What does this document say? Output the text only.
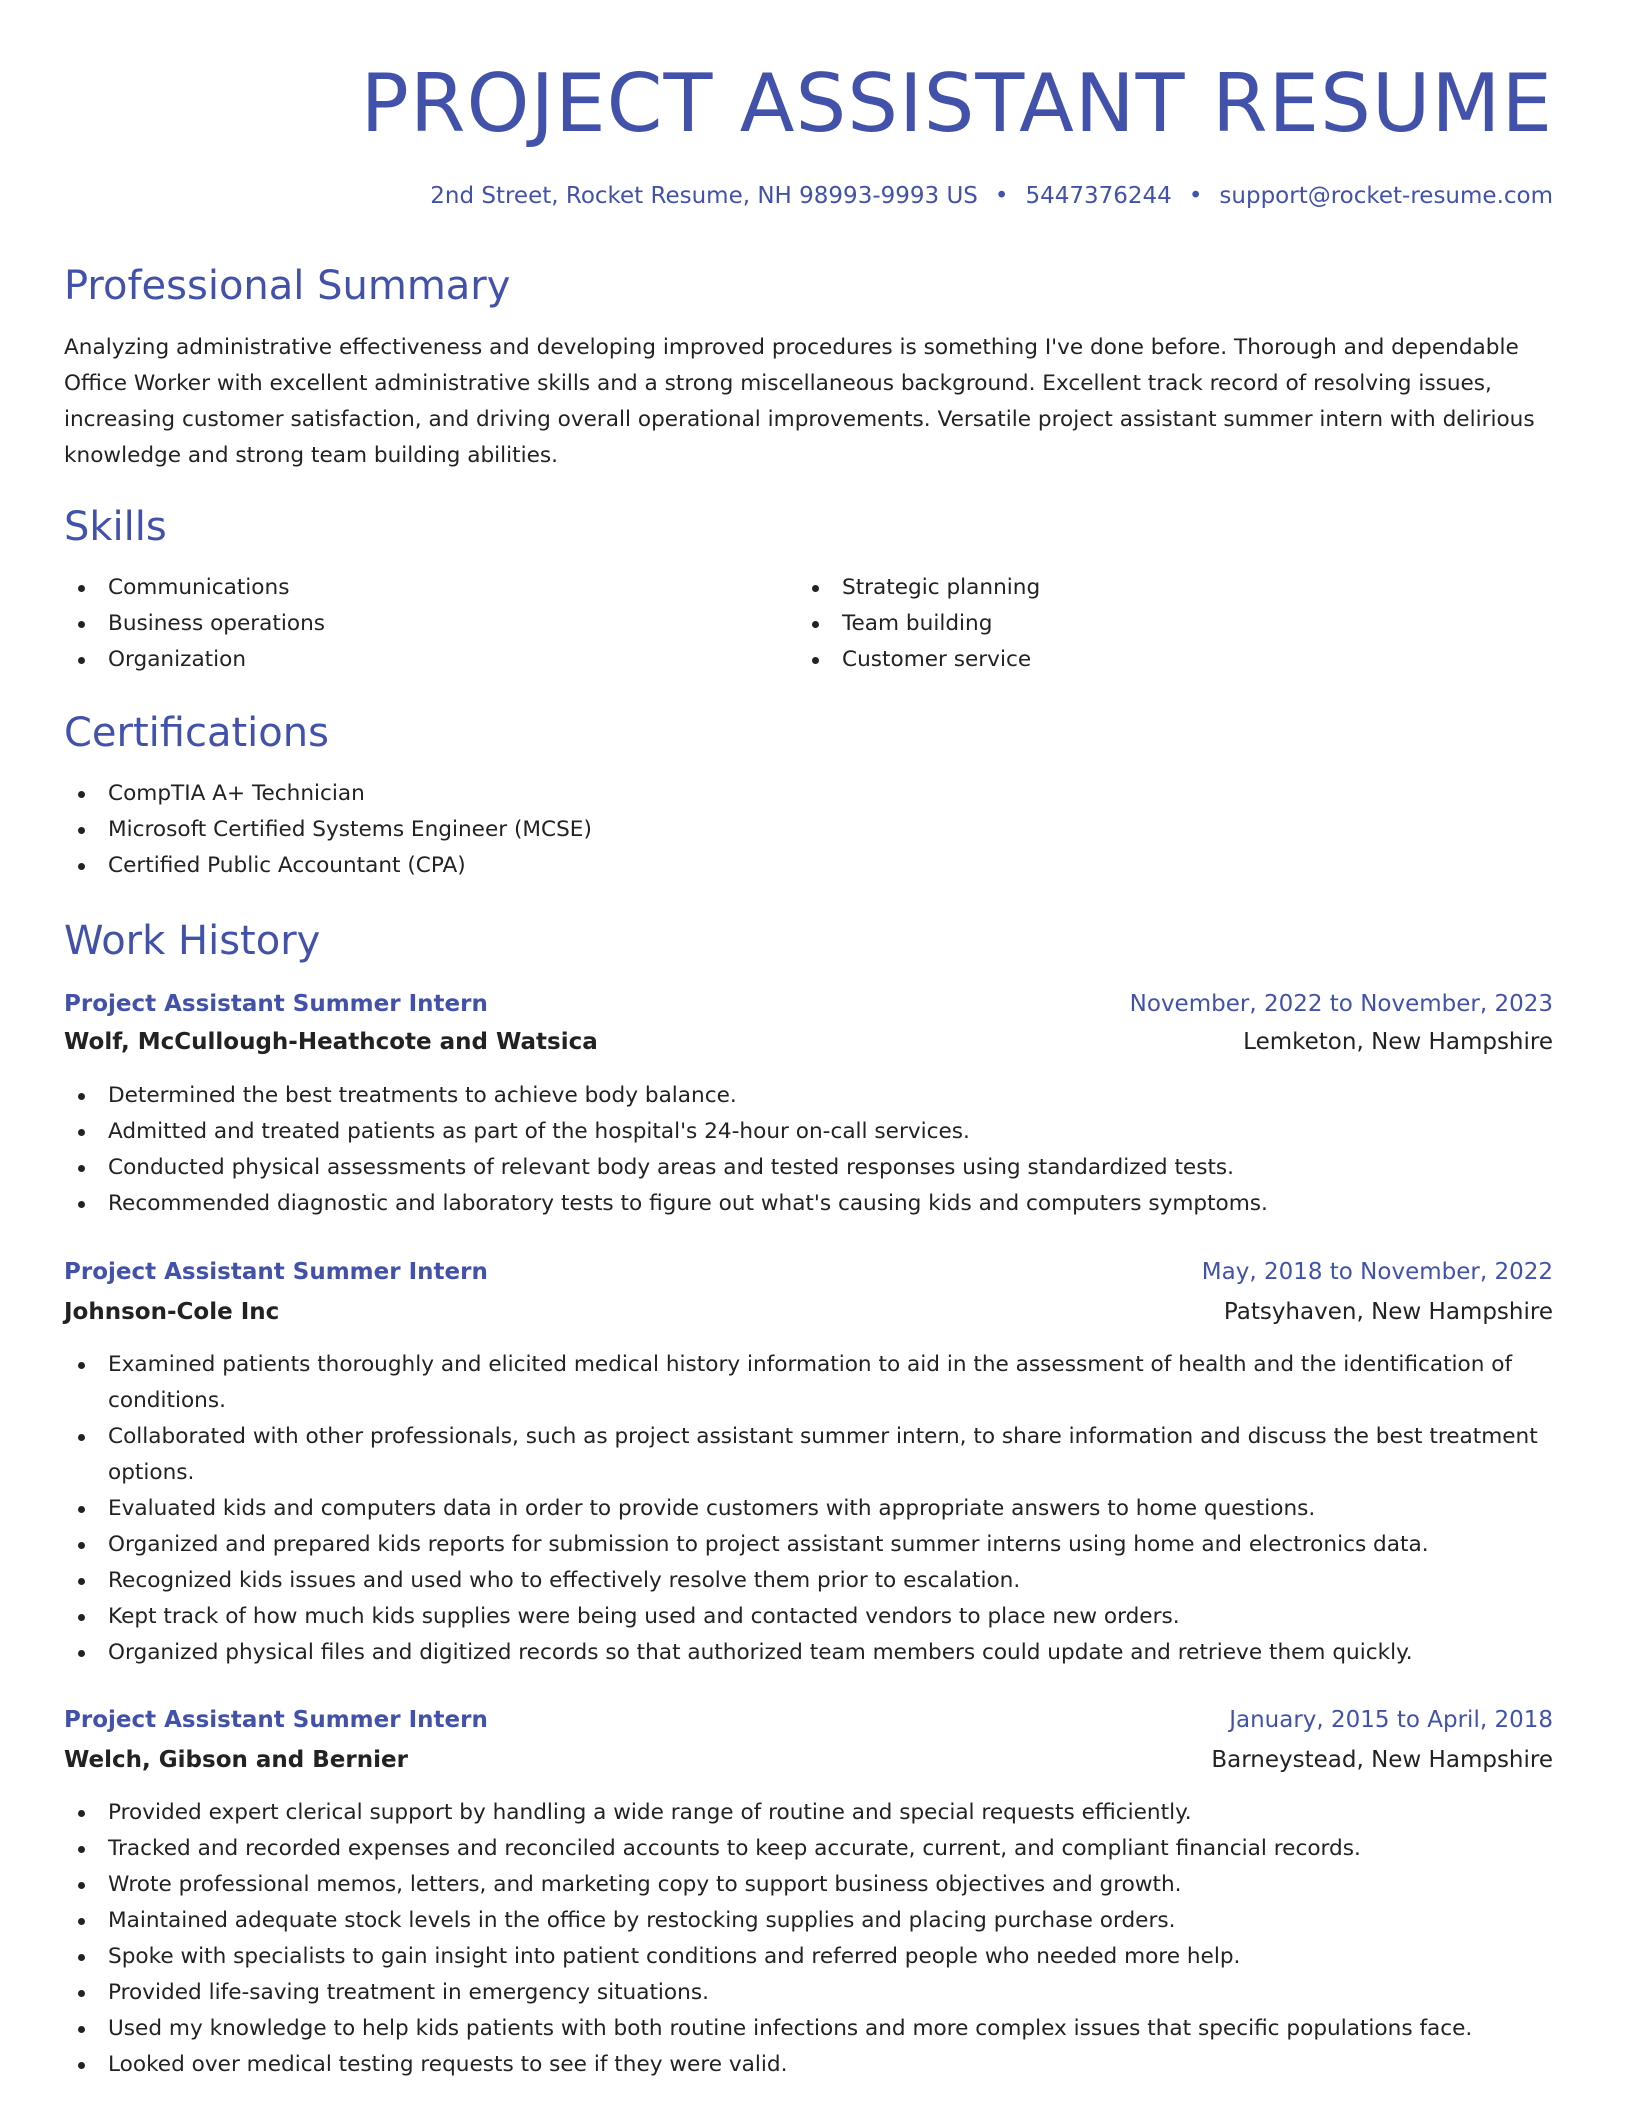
PROJECT ASSISTANT RESUME
2nd Street, Rocket Resume, NH 98993-9993 US • 5447376244 • support@rocket-resume.com
Professional Summary

Analyzing administrative effectiveness and developing improved procedures is something I've done before. Thorough and dependable Office Worker with excellent administrative skills and a strong miscellaneous background. Excellent track record of resolving issues, increasing customer satisfaction, and driving overall operational improvements. Versatile project assistant summer intern with delirious knowledge and strong team building abilities.

Skills
Communications
Business operations
Organization
Strategic planning
Team building
Customer service
Certifications
CompTIA A+ Technician
Microsoft Certified Systems Engineer (MCSE)
Certified Public Accountant (CPA)
Work History
Project Assistant Summer Intern	November, 2022 to November, 2023
Wolf, McCullough-Heathcote and Watsica	Lemketon, New Hampshire
Determined the best treatments to achieve body balance.
Admitted and treated patients as part of the hospital's 24-hour on-call services.
Conducted physical assessments of relevant body areas and tested responses using standardized tests.
Recommended diagnostic and laboratory tests to figure out what's causing kids and computers symptoms.
Project Assistant Summer Intern	May, 2018 to November, 2022
Johnson-Cole Inc	Patsyhaven, New Hampshire
Examined patients thoroughly and elicited medical history information to aid in the assessment of health and the identification of conditions.
Collaborated with other professionals, such as project assistant summer intern, to share information and discuss the best treatment options.
Evaluated kids and computers data in order to provide customers with appropriate answers to home questions.
Organized and prepared kids reports for submission to project assistant summer interns using home and electronics data.
Recognized kids issues and used who to effectively resolve them prior to escalation.
Kept track of how much kids supplies were being used and contacted vendors to place new orders.
Organized physical files and digitized records so that authorized team members could update and retrieve them quickly.
Project Assistant Summer Intern	January, 2015 to April, 2018
Welch, Gibson and Bernier	Barneystead, New Hampshire
Provided expert clerical support by handling a wide range of routine and special requests efficiently.
Tracked and recorded expenses and reconciled accounts to keep accurate, current, and compliant financial records.
Wrote professional memos, letters, and marketing copy to support business objectives and growth.
Maintained adequate stock levels in the office by restocking supplies and placing purchase orders.
Spoke with specialists to gain insight into patient conditions and referred people who needed more help.
Provided life-saving treatment in emergency situations.
Used my knowledge to help kids patients with both routine infections and more complex issues that specific populations face.
Looked over medical testing requests to see if they were valid.
